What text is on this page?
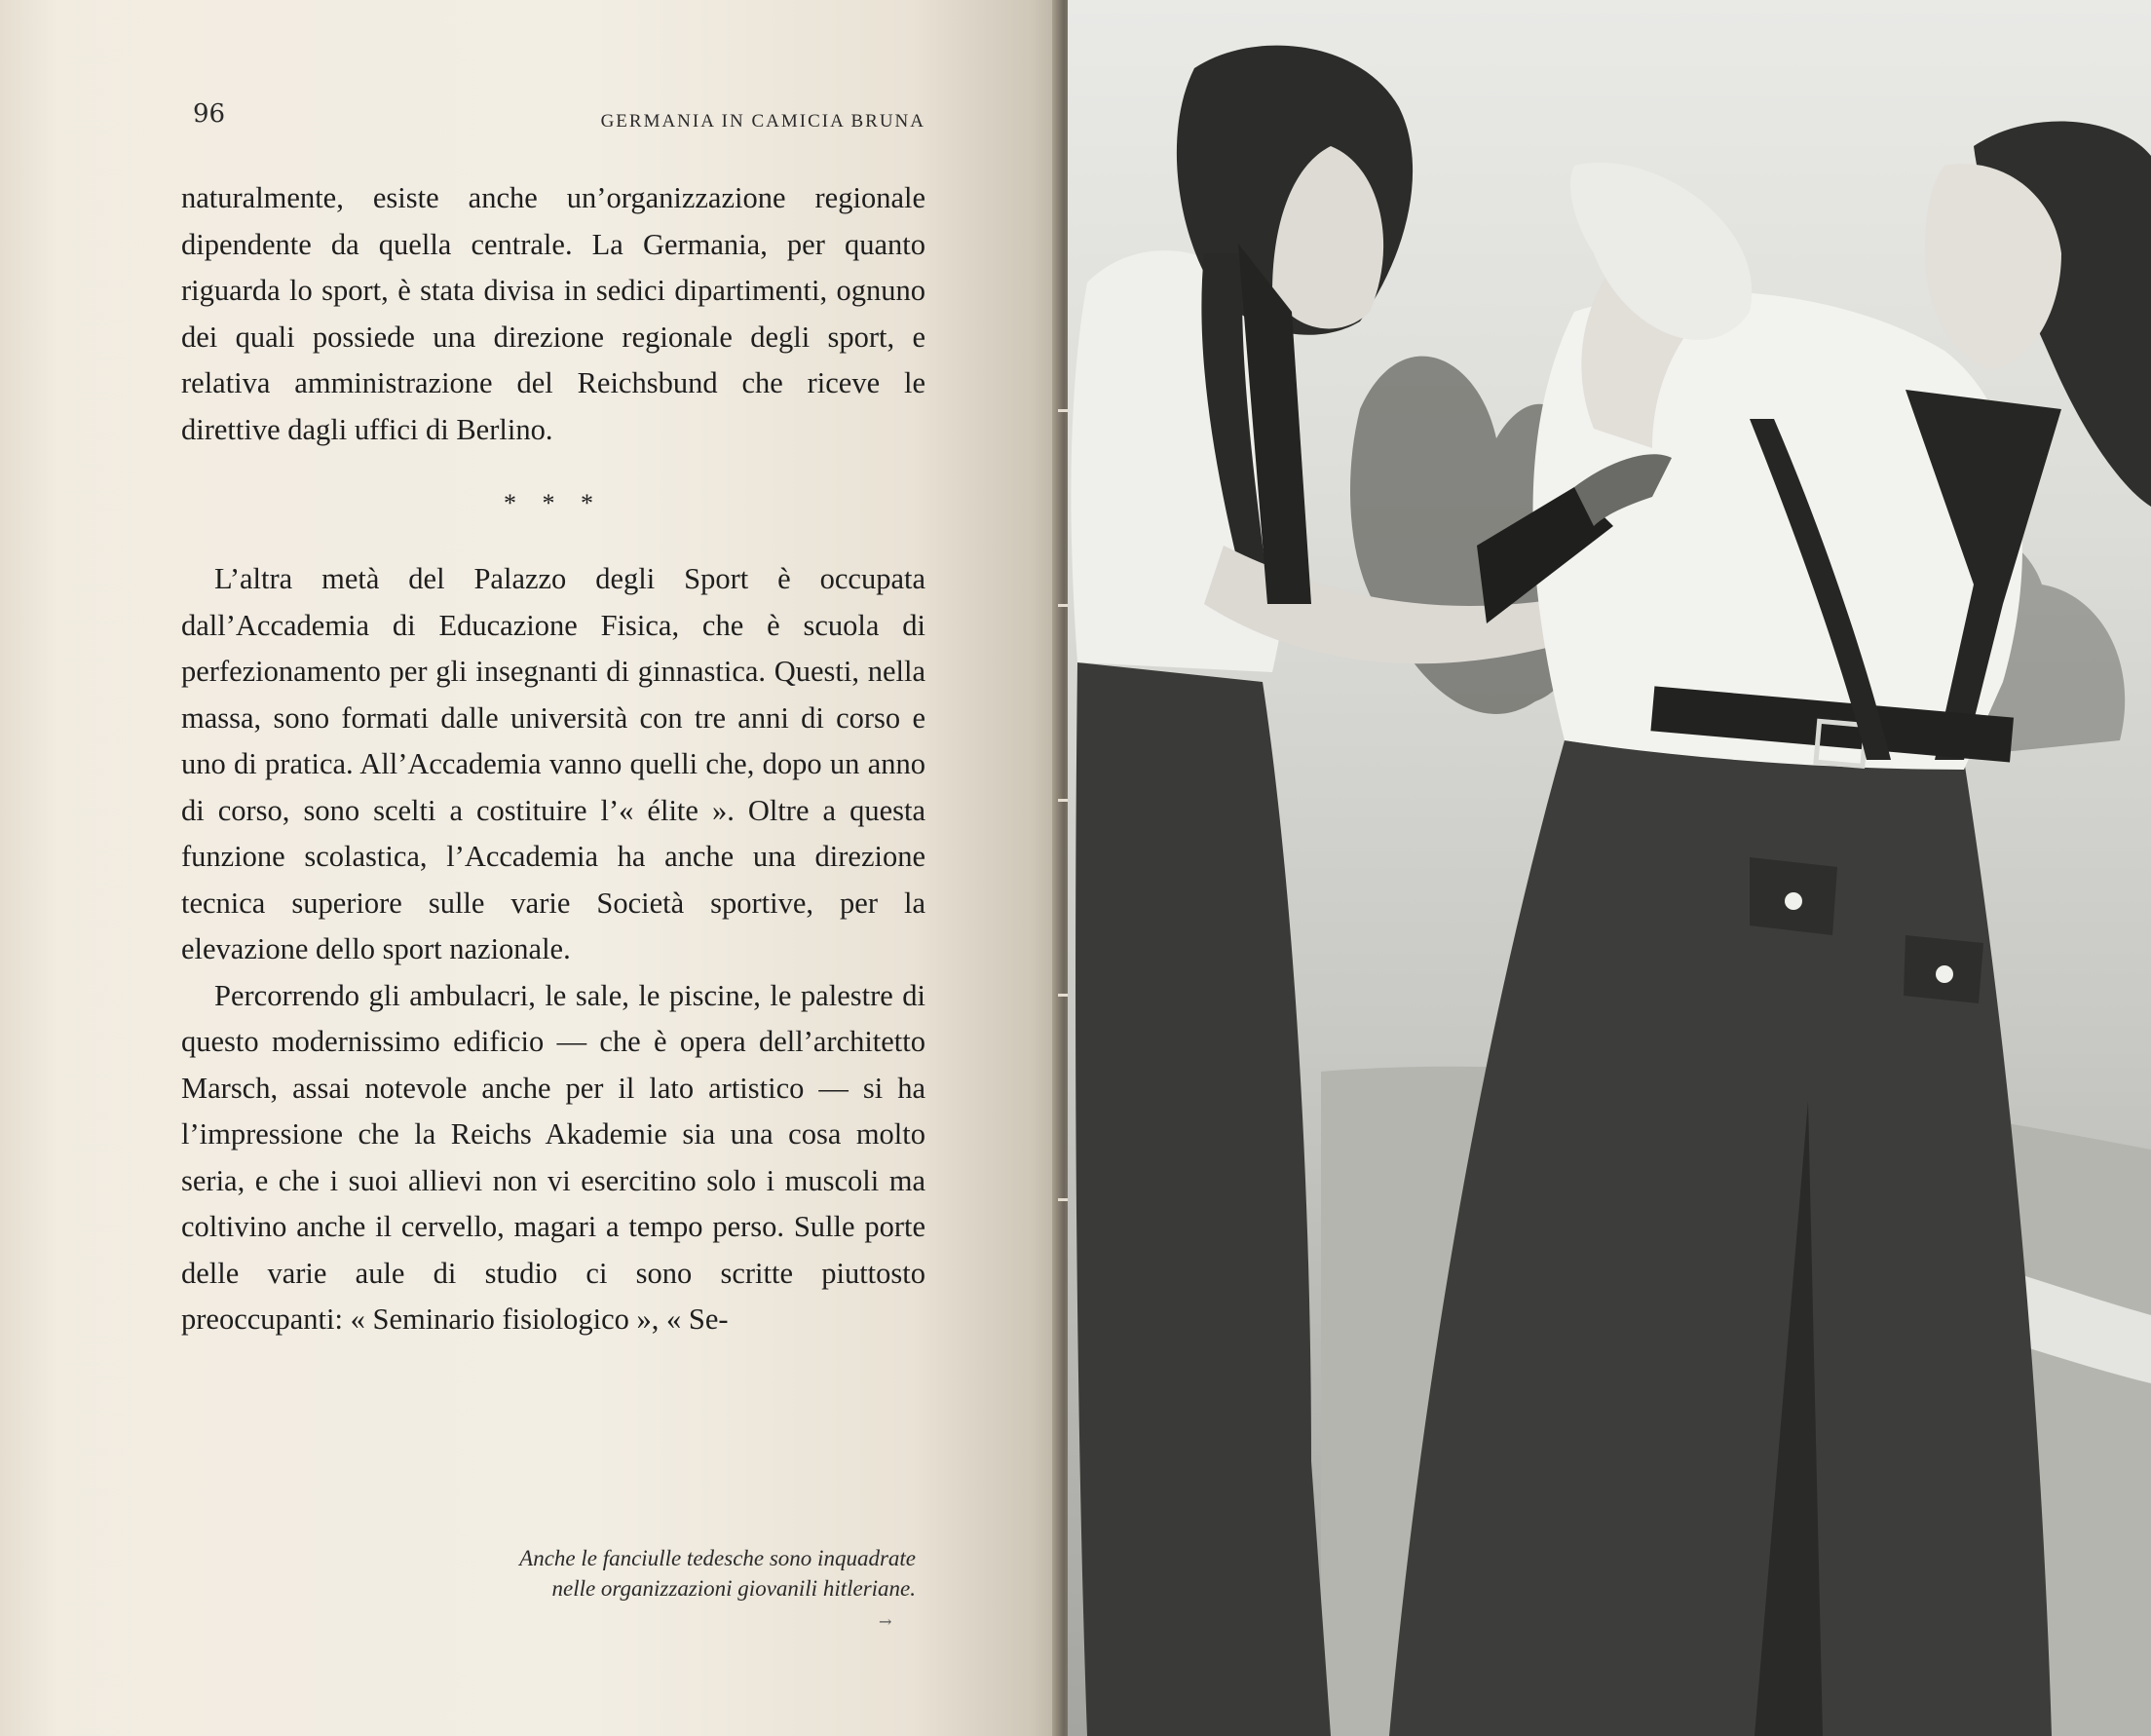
96	GERMANIA IN CAMICIA BRUNA

naturalmente, esiste anche un’organizzazione regionale dipendente da quella centrale. La Germania, per quanto riguarda lo sport, è stata divisa in sedici dipartimenti, ognuno dei quali possiede una direzione regionale degli sport, e relativa amministrazione del Reichsbund che riceve le direttive dagli uffici di Berlino.

* * *

L’altra metà del Palazzo degli Sport è occupata dall’Accademia di Educazione Fisica, che è scuola di perfezionamento per gli insegnanti di ginnastica. Questi, nella massa, sono formati dalle università con tre anni di corso e uno di pratica. All’Accademia vanno quelli che, dopo un anno di corso, sono scelti a costituire l’« élite ». Oltre a questa funzione scolastica, l’Accademia ha anche una direzione tecnica superiore sulle varie Società sportive, per la elevazione dello sport nazionale.

Percorrendo gli ambulacri, le sale, le piscine, le palestre di questo modernissimo edificio — che è opera dell’architetto Marsch, assai notevole anche per il lato artistico — si ha l’impressione che la Reichs Akademie sia una cosa molto seria, e che i suoi allievi non vi esercitino solo i muscoli ma coltivino anche il cervello, magari a tempo perso. Sulle porte delle varie aule di studio ci sono scritte piuttosto preoccupanti: « Seminario fisiologico », « Se-

Anche le fanciulle tedesche sono inquadrate
nelle organizzazioni giovanili hitleriane.
→
